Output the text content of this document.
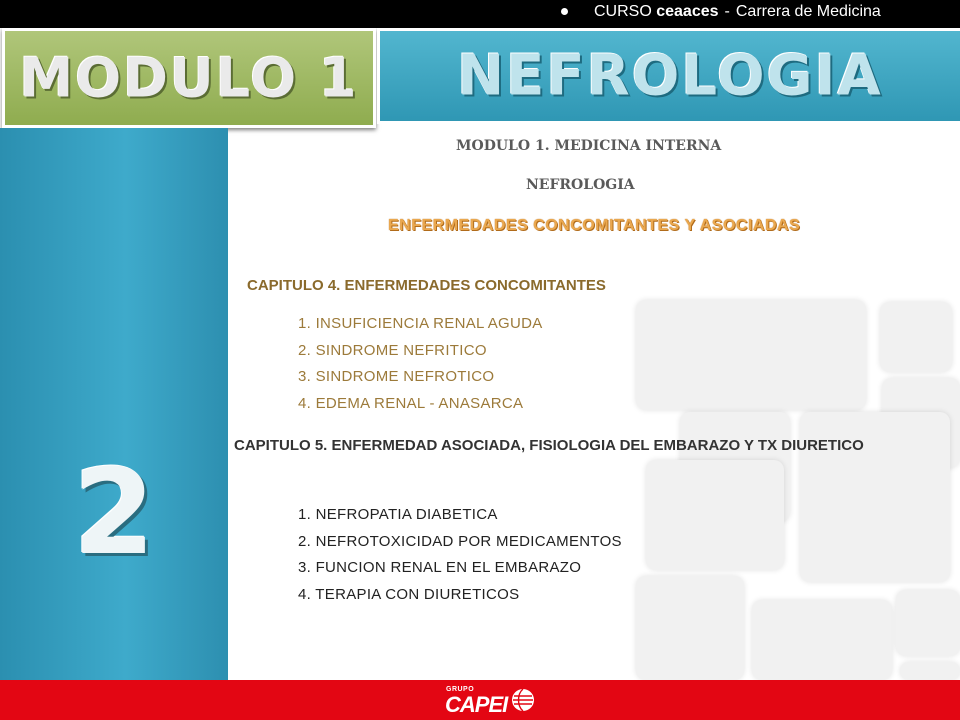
CURSO ceaaces - Carrera de Medicina
MODULO 1	NEFROLOGIA
2
MODULO 1. MEDICINA INTERNA
NEFROLOGIA
ENFERMEDADES CONCOMITANTES Y ASOCIADAS
CAPITULO 4. ENFERMEDADES CONCOMITANTES
1. INSUFICIENCIA RENAL AGUDA
2. SINDROME NEFRITICO
3. SINDROME NEFROTICO
4. EDEMA RENAL - ANASARCA
CAPITULO 5. ENFERMEDAD ASOCIADA, FISIOLOGIA DEL EMBARAZO Y TX DIURETICO
1. NEFROPATIA DIABETICA
2. NEFROTOXICIDAD POR MEDICAMENTOS
3. FUNCION RENAL EN EL EMBARAZO
4. TERAPIA CON DIURETICOS
GRUPO
CAPEI
